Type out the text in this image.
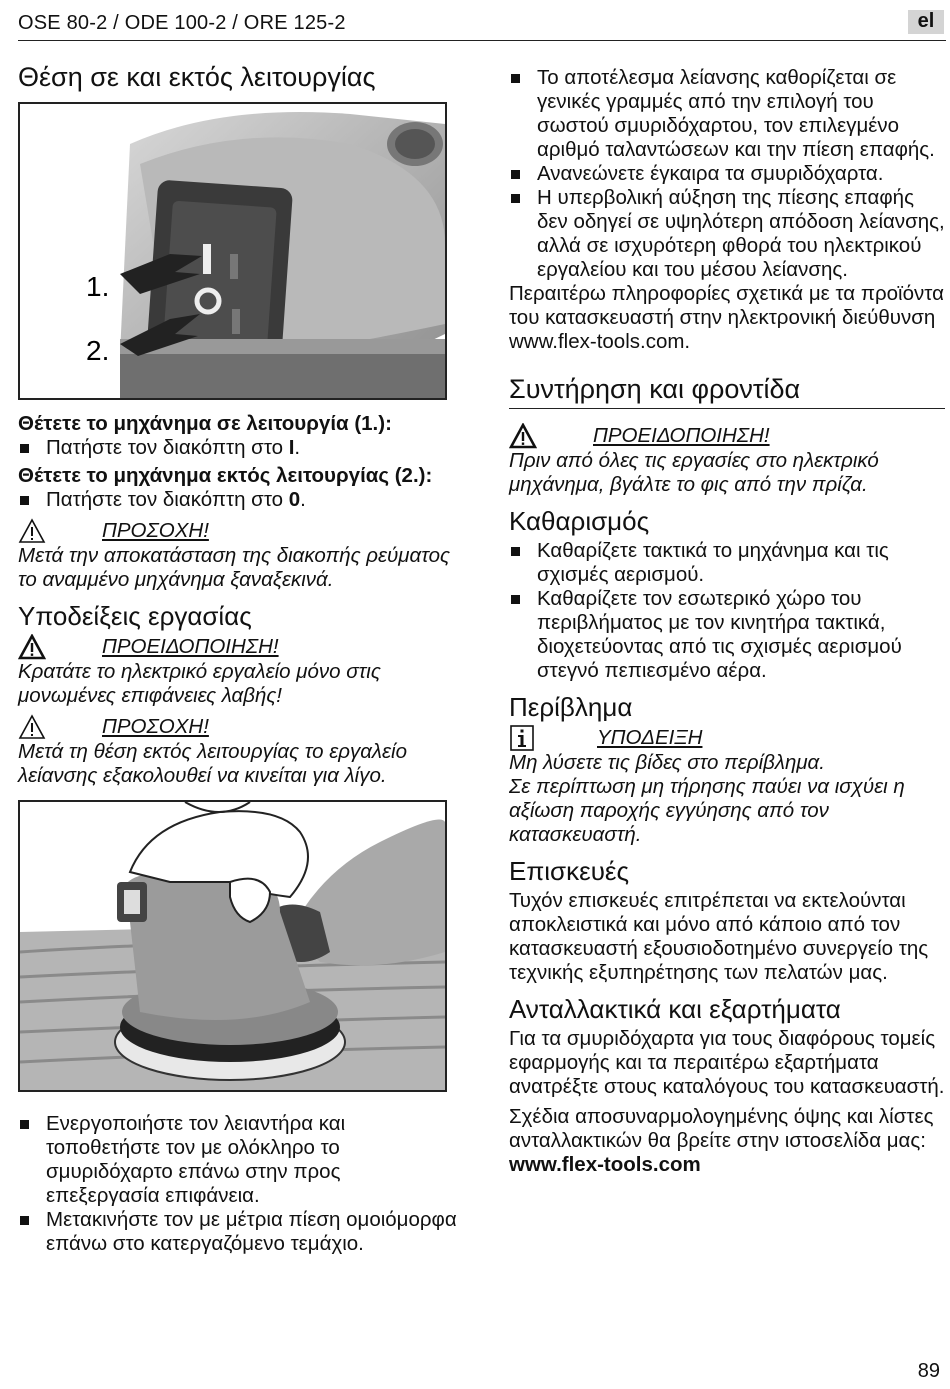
OSE 80-2 / ODE 100-2 / ORE 125-2	el
Θέση σε και εκτός λειτουργίας
1.
2.

Θέτετε το μηχάνημα σε λειτουργία (1.):

Πατήστε τον διακόπτη στο I.

Θέτετε το μηχάνημα εκτός λειτουργίας (2.):

Πατήστε τον διακόπτη στο 0.
ΠΡΟΣΟΧΗ!

Μετά την αποκατάσταση της διακοπής ρεύματος το αναμμένο μηχάνημα ξαναξεκινά.

Υποδείξεις εργασίας
ΠΡΟΕΙΔΟΠΟΙΗΣΗ!

Κρατάτε το ηλεκτρικό εργαλείο μόνο στις μονωμένες επιφάνειες λαβής!

ΠΡΟΣΟΧΗ!

Μετά τη θέση εκτός λειτουργίας το εργαλείο λείανσης εξακολουθεί να κινείται για λίγο.

Ενεργοποιήστε τον λειαντήρα και τοποθετήστε τον με ολόκληρο το σμυριδόχαρτο επάνω στην προς επεξεργασία επιφάνεια.
Μετακινήστε τον με μέτρια πίεση ομοιόμορφα επάνω στο κατεργαζόμενο τεμάχιο.
Το αποτέλεσμα λείανσης καθορίζεται σε γενικές γραμμές από την επιλογή του σωστού σμυριδόχαρτου, τον επιλεγμένο αριθμό ταλαντώσεων και την πίεση επαφής.
Ανανεώνετε έγκαιρα τα σμυριδόχαρτα.
Η υπερβολική αύξηση της πίεσης επαφής δεν οδηγεί σε υψηλότερη απόδοση λείανσης, αλλά σε ισχυρότερη φθορά του ηλεκτρικού εργαλείου και του μέσου λείανσης.

Περαιτέρω πληροφορίες σχετικά με τα προϊόντα του κατασκευαστή στην ηλεκτρονική διεύθυνση www.flex-tools.com.

Συντήρηση και φροντίδα
ΠΡΟΕΙΔΟΠΟΙΗΣΗ!

Πριν από όλες τις εργασίες στο ηλεκτρικό μηχάνημα, βγάλτε το φις από την πρίζα.

Καθαρισμός
Καθαρίζετε τακτικά το μηχάνημα και τις σχισμές αερισμού.
Καθαρίζετε τον εσωτερικό χώρο του περιβλήματος με τον κινητήρα τακτικά, διοχετεύοντας από τις σχισμές αερισμού στεγνό πεπιεσμένο αέρα.
Περίβλημα
ΥΠΟΔΕΙΞΗ

Μη λύσετε τις βίδες στο περίβλημα.

Σε περίπτωση μη τήρησης παύει να ισχύει η αξίωση παροχής εγγύησης από τον κατασκευαστή.

Επισκευές

Τυχόν επισκευές επιτρέπεται να εκτελούνται αποκλειστικά και μόνο από κάποιο από τον κατασκευαστή εξουσιοδοτημένο συνεργείο της τεχνικής εξυπηρέτησης των πελατών μας.

Ανταλλακτικά και εξαρτήματα

Για τα σμυριδόχαρτα για τους διαφόρους τομείς εφαρμογής και τα περαιτέρω εξαρτήματα ανατρέξτε στους καταλόγους του κατασκευαστή.

Σχέδια αποσυναρμολογημένης όψης και λίστες ανταλλακτικών θα βρείτε στην ιστοσελίδα μας:

www.flex-tools.com

89
